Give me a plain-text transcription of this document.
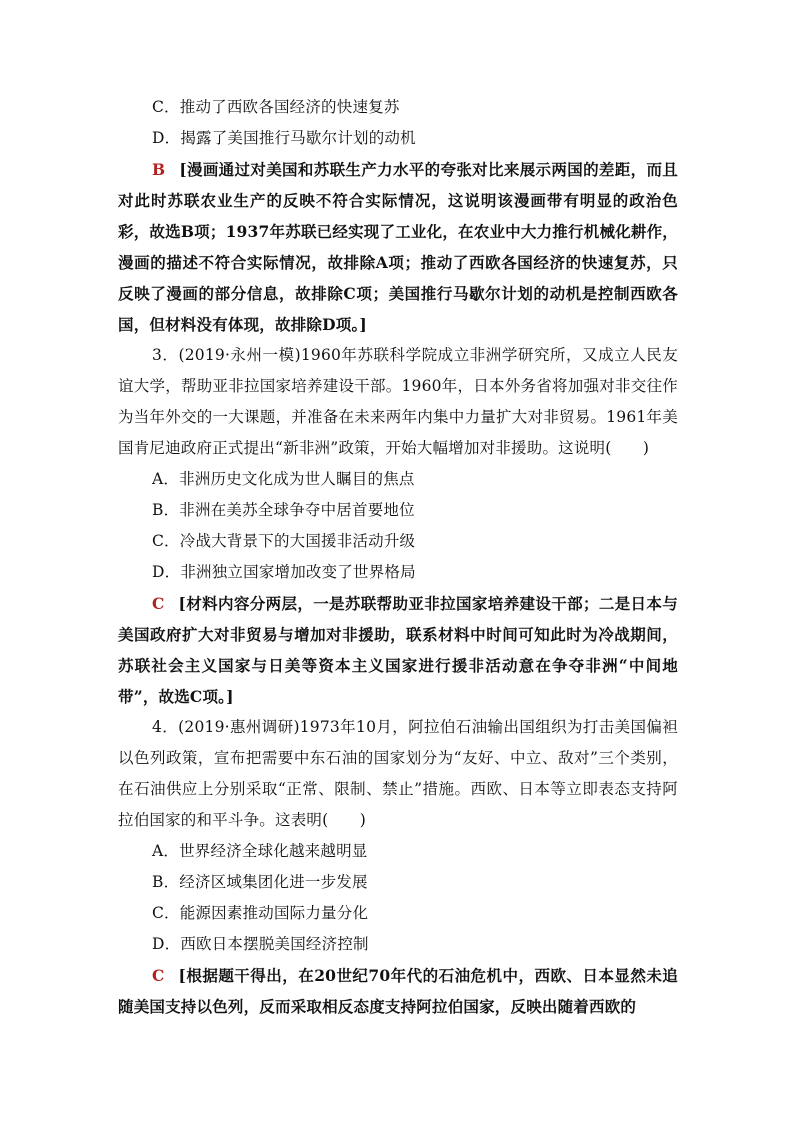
C．推动了西欧各国经济的快速复苏
D．揭露了美国推行马歇尔计划的动机

B [漫画通过对美国和苏联生产力水平的夸张对比来展示两国的差距，而且对此时苏联农业生产的反映不符合实际情况，这说明该漫画带有明显的政治色彩，故选B项；1937年苏联已经实现了工业化，在农业中大力推行机械化耕作，漫画的描述不符合实际情况，故排除A项；推动了西欧各国经济的快速复苏，只反映了漫画的部分信息，故排除C项；美国推行马歇尔计划的动机是控制西欧各国，但材料没有体现，故排除D项。]

3．(2019·永州一模)1960年苏联科学院成立非洲学研究所，又成立人民友谊大学，帮助亚非拉国家培养建设干部。1960年，日本外务省将加强对非交往作为当年外交的一大课题，并准备在未来两年内集中力量扩大对非贸易。1961年美国肯尼迪政府正式提出“新非洲”政策，开始大幅增加对非援助。这说明(　　)

A．非洲历史文化成为世人瞩目的焦点
B．非洲在美苏全球争夺中居首要地位
C．冷战大背景下的大国援非活动升级
D．非洲独立国家增加改变了世界格局

C [材料内容分两层，一是苏联帮助亚非拉国家培养建设干部；二是日本与美国政府扩大对非贸易与增加对非援助，联系材料中时间可知此时为冷战期间，苏联社会主义国家与日美等资本主义国家进行援非活动意在争夺非洲“中间地带”，故选C项。]

4．(2019·惠州调研)1973年10月，阿拉伯石油输出国组织为打击美国偏袒以色列政策，宣布把需要中东石油的国家划分为“友好、中立、敌对”三个类别，在石油供应上分别采取“正常、限制、禁止”措施。西欧、日本等立即表态支持阿拉伯国家的和平斗争。这表明(　　)

A．世界经济全球化越来越明显
B．经济区域集团化进一步发展
C．能源因素推动国际力量分化
D．西欧日本摆脱美国经济控制

C [根据题干得出，在20世纪70年代的石油危机中，西欧、日本显然未追随美国支持以色列，反而采取相反态度支持阿拉伯国家，反映出随着西欧的
